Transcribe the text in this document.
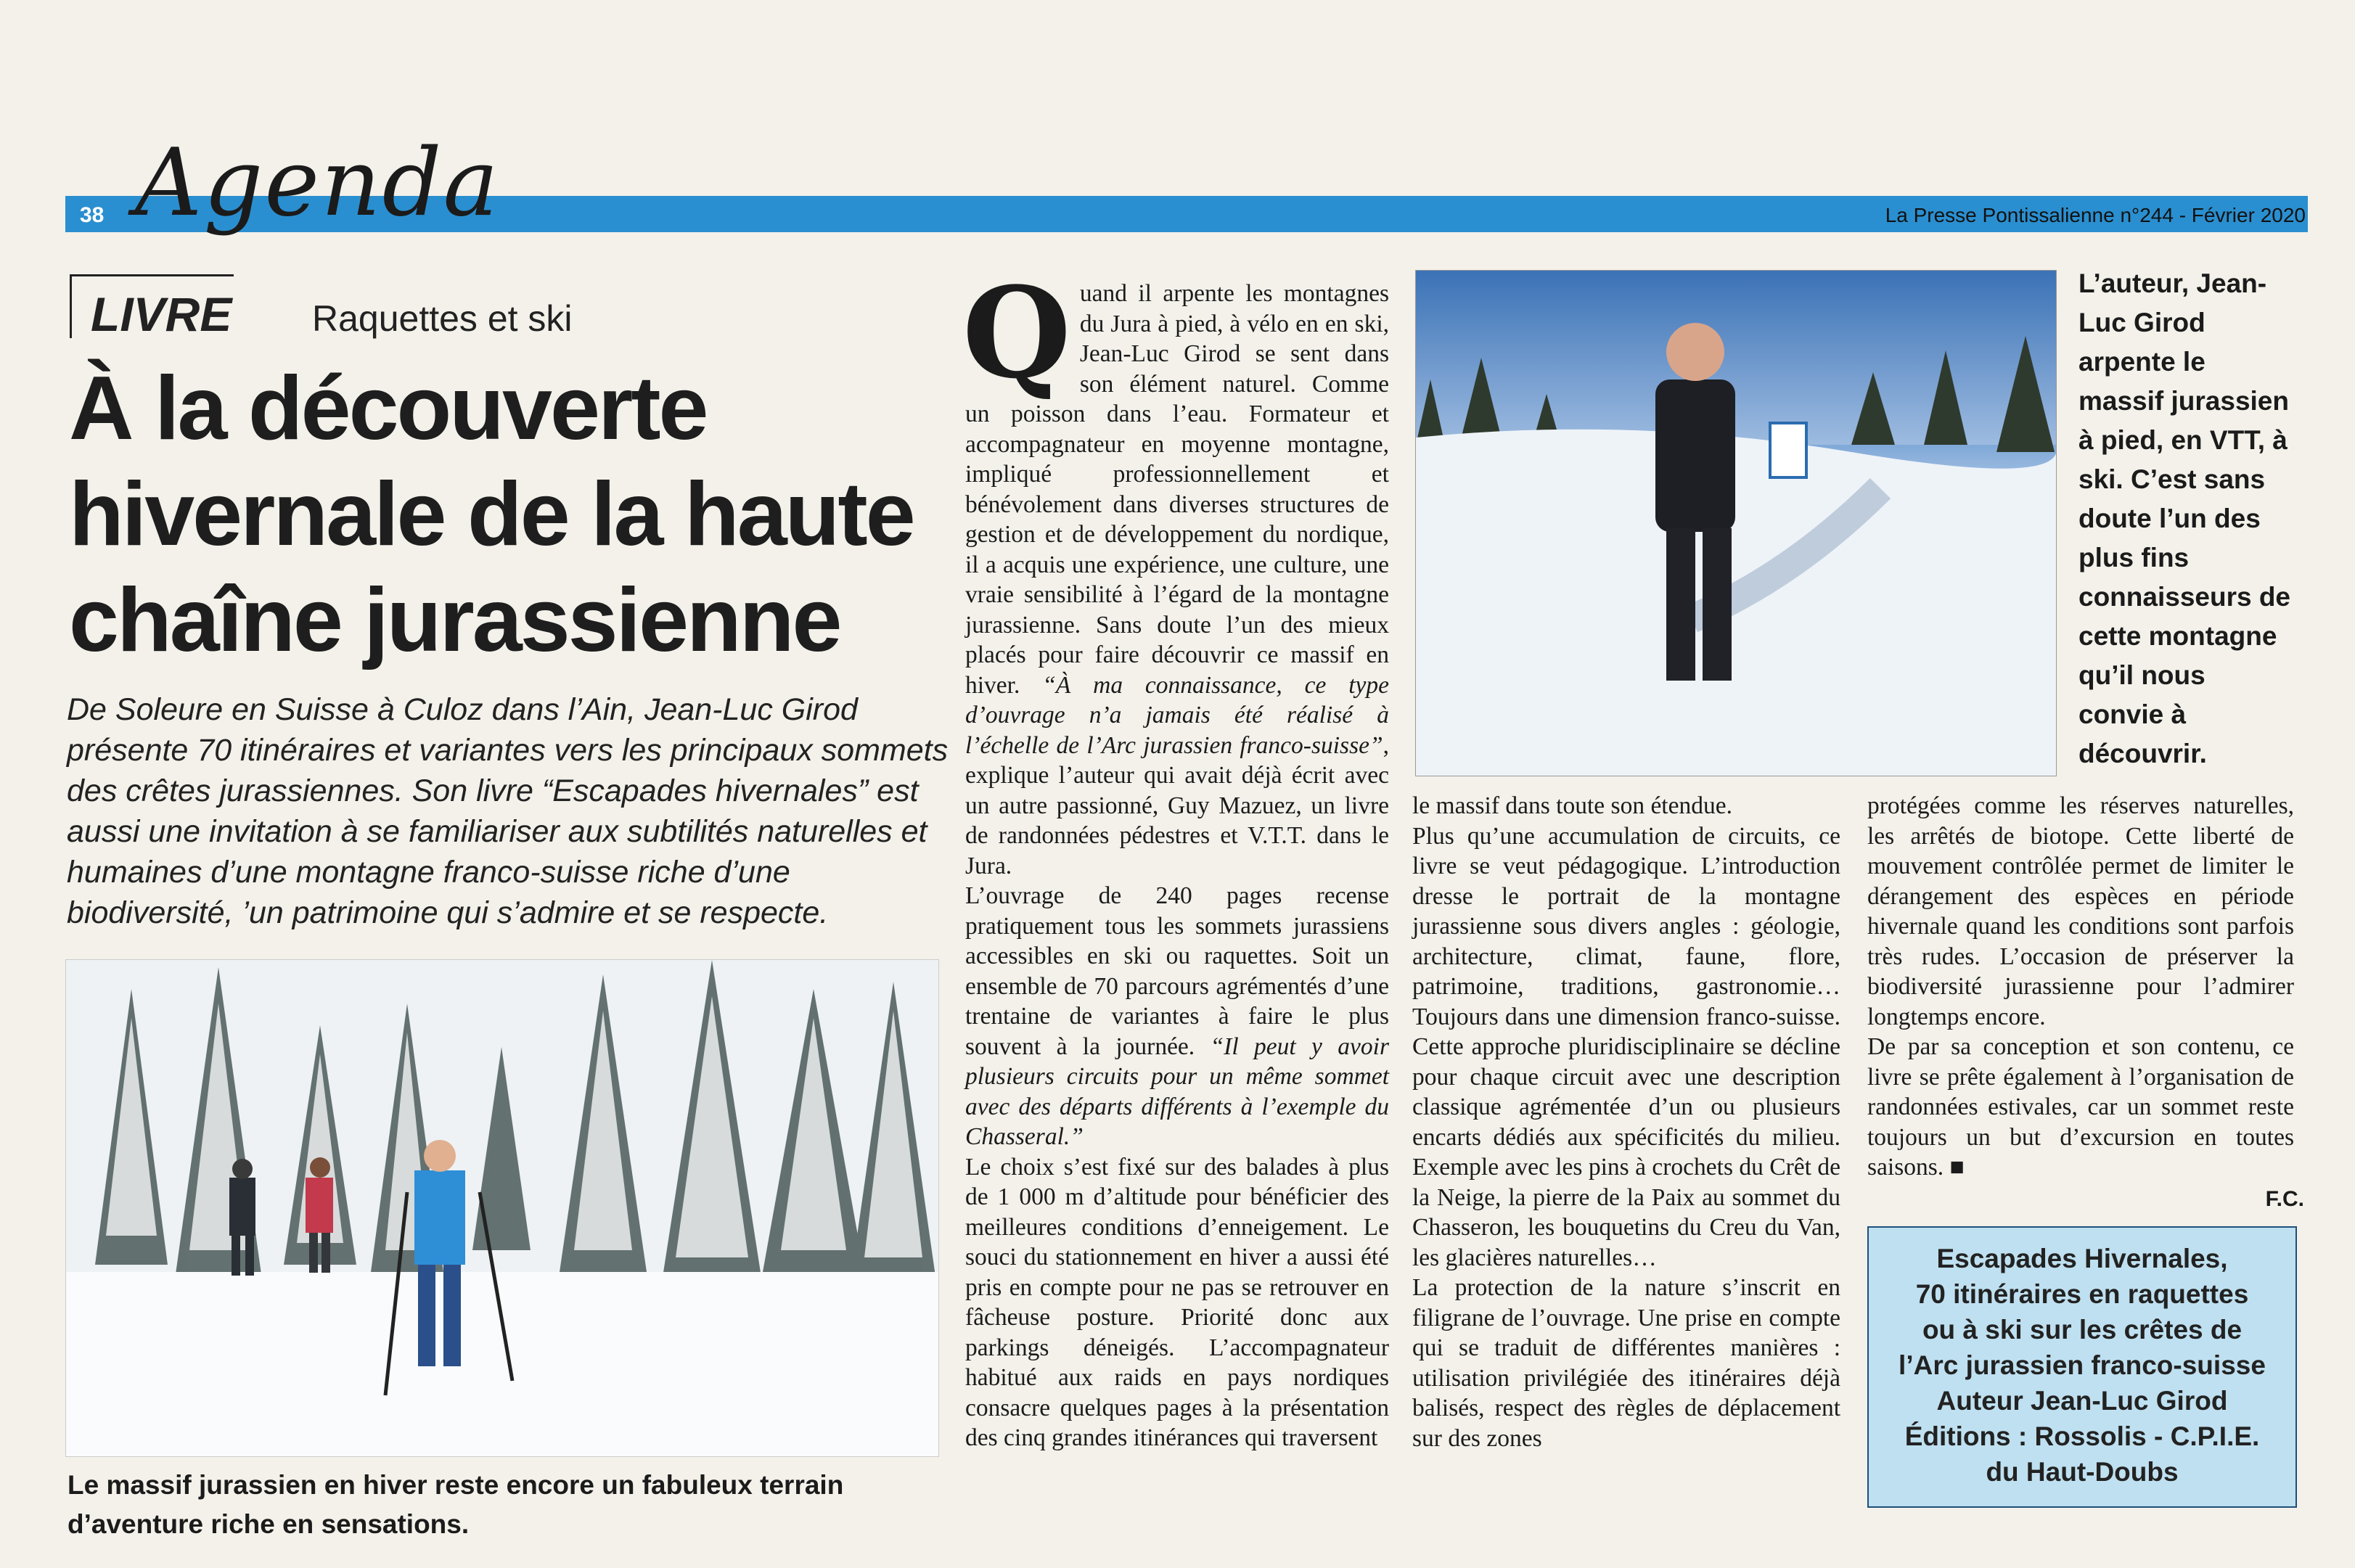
38 Agenda	La Presse Pontissalienne n°244 - Février 2020
LIVRE Raquettes et ski
À la découverte
hivernale de la haute
chaîne jurassienne
De Soleure en Suisse à Culoz dans l’Ain, Jean-Luc Girod présente 70 itinéraires et variantes vers les principaux sommets des crêtes jurassiennes. Son livre “Escapades hivernales” est aussi une invitation à se familiariser aux subtilités naturelles et humaines d’une montagne franco-suisse riche d’une biodiversité, ’un patrimoine qui s’admire et se respecte.
Le massif jurassien en hiver reste encore un fabuleux terrain d’aventure riche en sensations.

Quand il arpente les montagnes du Jura à pied, à vélo en en ski, Jean-Luc Girod se sent dans son élément naturel. Comme un poisson dans l’eau. Formateur et accompagnateur en moyenne montagne, impliqué professionnellement et bénévolement dans diverses structures de gestion et de développement du nordique, il a acquis une expérience, une culture, une vraie sensibilité à l’égard de la montagne jurassienne. Sans doute l’un des mieux placés pour faire découvrir ce massif en hiver. “À ma connaissance, ce type d’ouvrage n’a jamais été réalisé à l’échelle de l’Arc jurassien franco-suisse”, explique l’auteur qui avait déjà écrit avec un autre passionné, Guy Mazuez, un livre de randonnées pédestres et V.T.T. dans le Jura.

L’ouvrage de 240 pages recense pratiquement tous les sommets jurassiens accessibles en ski ou raquettes. Soit un ensemble de 70 parcours agrémentés d’une trentaine de variantes à faire le plus souvent à la journée. “Il peut y avoir plusieurs circuits pour un même sommet avec des départs différents à l’exemple du Chasseral.”

Le choix s’est fixé sur des balades à plus de 1 000 m d’altitude pour bénéficier des meilleures conditions d’enneigement. Le souci du stationnement en hiver a aussi été pris en compte pour ne pas se retrouver en fâcheuse posture. Priorité donc aux parkings déneigés. L’accompagnateur habitué aux raids en pays nordiques consacre quelques pages à la présentation des cinq grandes itinérances qui traversent

L’auteur, Jean-Luc Girod arpente le massif jurassien à pied, en VTT, à ski. C’est sans doute l’un des plus fins connaisseurs de cette montagne qu’il nous convie à découvrir.

le massif dans toute son étendue.

Plus qu’une accumulation de circuits, ce livre se veut pédagogique. L’introduction dresse le portrait de la montagne jurassienne sous divers angles : géologie, architecture, climat, faune, flore, patrimoine, traditions, gastronomie… Toujours dans une dimension franco-suisse. Cette approche pluridisciplinaire se décline pour chaque circuit avec une description classique agrémentée d’un ou plusieurs encarts dédiés aux spécificités du milieu. Exemple avec les pins à crochets du Crêt de la Neige, la pierre de la Paix au sommet du Chasseron, les bouquetins du Creu du Van, les glacières naturelles…

La protection de la nature s’inscrit en filigrane de l’ouvrage. Une prise en compte qui se traduit de différentes manières : utilisation privilégiée des itinéraires déjà balisés, respect des règles de déplacement sur des zones

protégées comme les réserves naturelles, les arrêtés de biotope. Cette liberté de mouvement contrôlée permet de limiter le dérangement des espèces en période hivernale quand les conditions sont parfois très rudes. L’occasion de préserver la biodiversité jurassienne pour l’admirer longtemps encore.

De par sa conception et son contenu, ce livre se prête également à l’organisation de randonnées estivales, car un sommet reste toujours un but d’excursion en toutes saisons. ■

F.C.
Escapades Hivernales,
70 itinéraires en raquettes
ou à ski sur les crêtes de
l’Arc jurassien franco-suisse
Auteur Jean-Luc Girod
Éditions : Rossolis - C.P.I.E.
du Haut-Doubs
